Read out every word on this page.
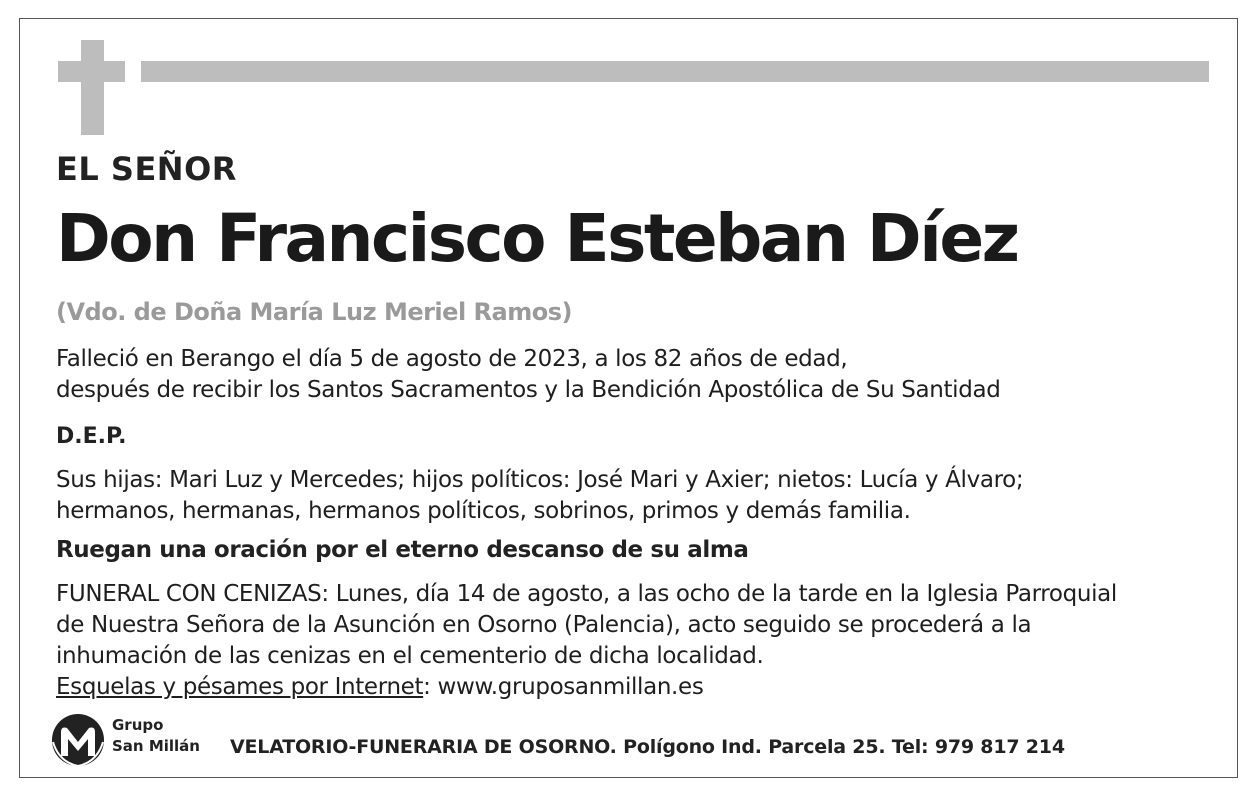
EL SEÑOR
Don Francisco Esteban Díez
(Vdo. de Doña María Luz Meriel Ramos)
Falleció en Berango el día 5 de agosto de 2023, a los 82 años de edad,
después de recibir los Santos Sacramentos y la Bendición Apostólica de Su Santidad
D.E.P.
Sus hijas: Mari Luz y Mercedes; hijos políticos: José Mari y Axier; nietos: Lucía y Álvaro;
hermanos, hermanas, hermanos políticos, sobrinos, primos y demás familia.
Ruegan una oración por el eterno descanso de su alma
FUNERAL CON CENIZAS: Lunes, día 14 de agosto, a las ocho de la tarde en la Iglesia Parroquial
de Nuestra Señora de la Asunción en Osorno (Palencia), acto seguido se procederá a la
inhumación de las cenizas en el cementerio de dicha localidad.
Esquelas y pésames por Internet: www.gruposanmillan.es
Grupo
San Millán VELATORIO-FUNERARIA DE OSORNO. Polígono Ind. Parcela 25. Tel: 979 817 214
